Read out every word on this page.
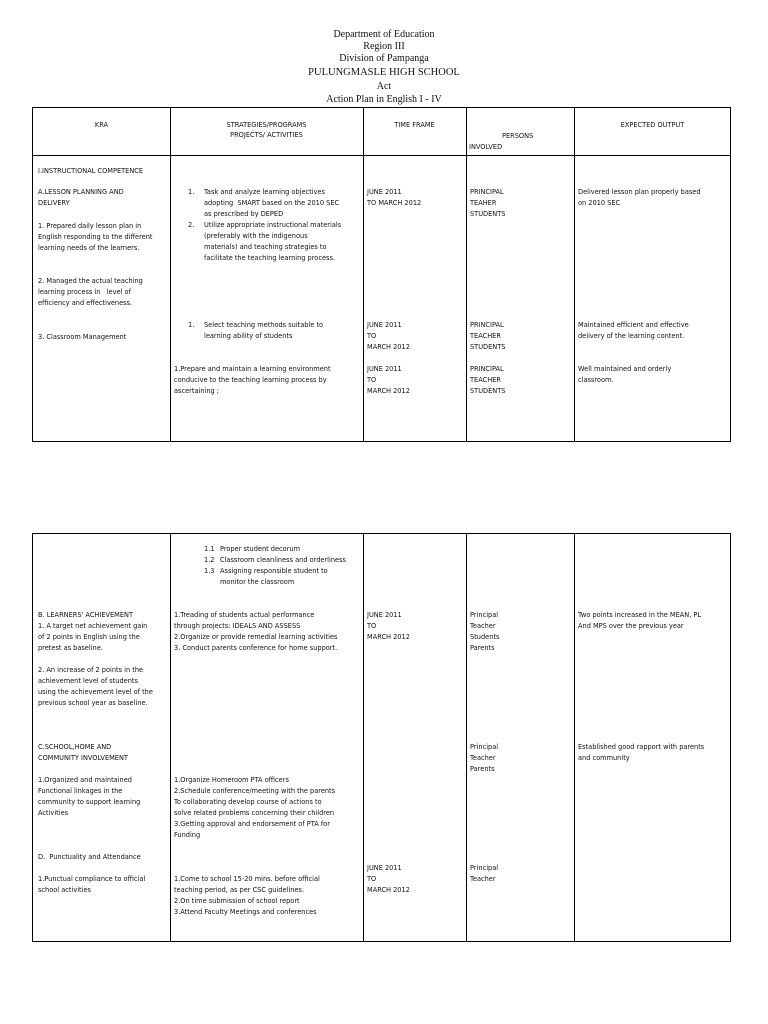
Department of Education
Region III
Division of Pampanga
PULUNGMASLE HIGH SCHOOL
Act
Action Plan in English I - IV
KRA	STRATEGIES/PROGRAMS
PROJECTS/ ACTIVITIES
TIME FRAME
PERSONS
INVOLVED
EXPECTED OUTPUT
I.INSTRUCTIONAL COMPETENCE
A.LESSON PLANNING AND
DELIVERY
1. Prepared daily lesson plan in
English responding to the different
learning needs of the learners.
2. Managed the actual teaching
learning process in   level of
efficiency and effectiveness.
3. Classroom Management
1. Task and analyze learning objectives
adopting  SMART based on the 2010 SEC
as prescribed by DEPED
2. Utilize appropriate instructional materials
(preferably with the indigenous
materials) and teaching strategies to
facilitate the teaching learning process.
1. Select teaching methods suitable to
learning ability of students
1.Prepare and maintain a learning environment
conducive to the teaching learning process by
ascertaining ;
JUNE 2011
TO MARCH 2012
JUNE 2011
TO
MARCH 2012
JUNE 2011
TO
MARCH 2012
PRINCIPAL
TEAHER
STUDENTS
PRINCIPAL
TEACHER
STUDENTS
PRINCIPAL
TEACHER
STUDENTS
Delivered lesson plan properly based
on 2010 SEC
Maintained efficient and effective
delivery of the learning content.
Well maintained and orderly
classroom.
1.1 Proper student decorum
1.2 Classroom cleanliness and orderliness
1.3 Assigning responsible student to
monitor the classroom
B. LEARNERS' ACHIEVEMENT
1. A target net achievement gain
of 2 points in English using the
pretest as baseline.
2. An increase of 2 points in the
achievement level of students
using the achievement level of the
previous school year as baseline.
C.SCHOOL,HOME AND
COMMUNITY INVOLVEMENT
1.Organized and maintained
Functional linkages in the
community to support learning
Activities
D.  Punctuality and Attendance
1.Punctual compliance to official
school activities
1.Treading of students actual performance
through projects: IDEALS AND ASSESS
2.Organize or provide remedial learning activities
3. Conduct parents conference for home support.
1.Organize Homeroom PTA officers
2.Schedule conference/meeting with the parents
To collaborating develop course of actions to
solve related problems concerning their children
3.Getting approval and endorsement of PTA for
Funding
1.Come to school 15-20 mins. before official
teaching period, as per CSC guidelines.
2.On time submission of school report
3.Attend Faculty Meetings and conferences
JUNE 2011
TO
MARCH 2012
JUNE 2011
TO
MARCH 2012
Principal
Teacher
Students
Parents
Principal
Teacher
Parents
Principal
Teacher
Two points increased in the MEAN, PL
And MPS over the previous year
Established good rapport with parents
and community
